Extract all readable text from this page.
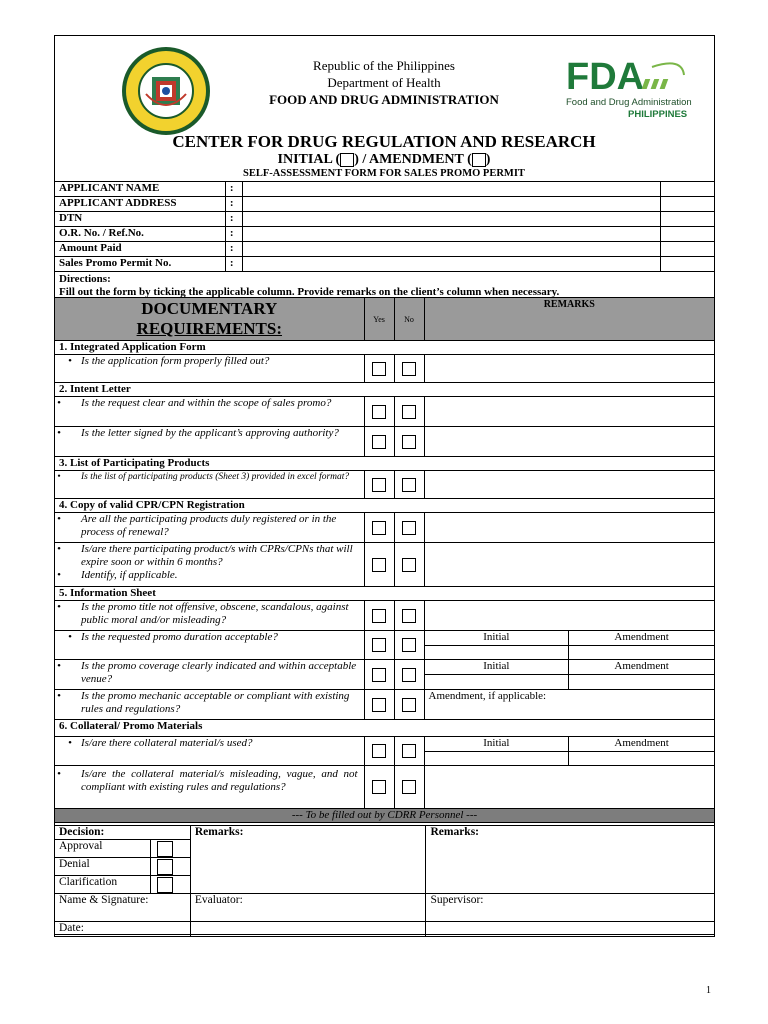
FDA
Food and Drug Administration
PHILIPPINES
Republic of the Philippines
Department of Health
FOOD AND DRUG ADMINISTRATION
CENTER FOR DRUG REGULATION AND RESEARCH
INITIAL ( ) / AMENDMENT ( )
SELF-ASSESSMENT FORM FOR SALES PROMO PERMIT
APPLICANT NAME	:		
APPLICANT ADDRESS	:		
DTN	:		
O.R. No. / Ref.No.	:		
Amount Paid	:		
Sales Promo Permit No.	:		

Directions:
Fill out the form by ticking the applicable column. Provide remarks on the client’s column when necessary.			
DOCUMENTARY
REQUIREMENTS:	Yes	No	REMARKS	
1. Integrated Application Form				
• Is the application form properly filled out?				
2. Intent Letter				
• Is the request clear and within the scope of sales promo?				
• Is the letter signed by the applicant’s approving authority?				
3. List of Participating Products				
• Is the list of participating products (Sheet 3) provided in excel format?				
4. Copy of valid CPR/CPN Registration				
• Are all the participating products duly registered or in the process of renewal?				

• Is/are there participating product/s with CPRs/CPNs that will expire soon or within 6 months?
• Identify, if applicable.				

5. Information Sheet				
• Is the promo title not offensive, obscene, scandalous, against public moral and/or misleading?				
• Is the requested promo duration acceptable?			Initial	Amendment

• Is the promo coverage clearly indicated and within acceptable venue?			Initial	Amendment

• Is the promo mechanic acceptable or compliant with existing rules and regulations?			Amendment, if applicable:	
6. Collateral/ Promo Materials				
• Is/are there collateral material/s used?			Initial	Amendment

• Is/are the collateral material/s misleading, vague, and not compliant with existing rules and regulations?				
--- To be filled out by CDRR Personnel ---				
Decision:		Remarks:	Remarks:
Approval			
Denial			
Clarification			
Name & Signature:		Evaluator:	Supervisor:
Date:			
1
